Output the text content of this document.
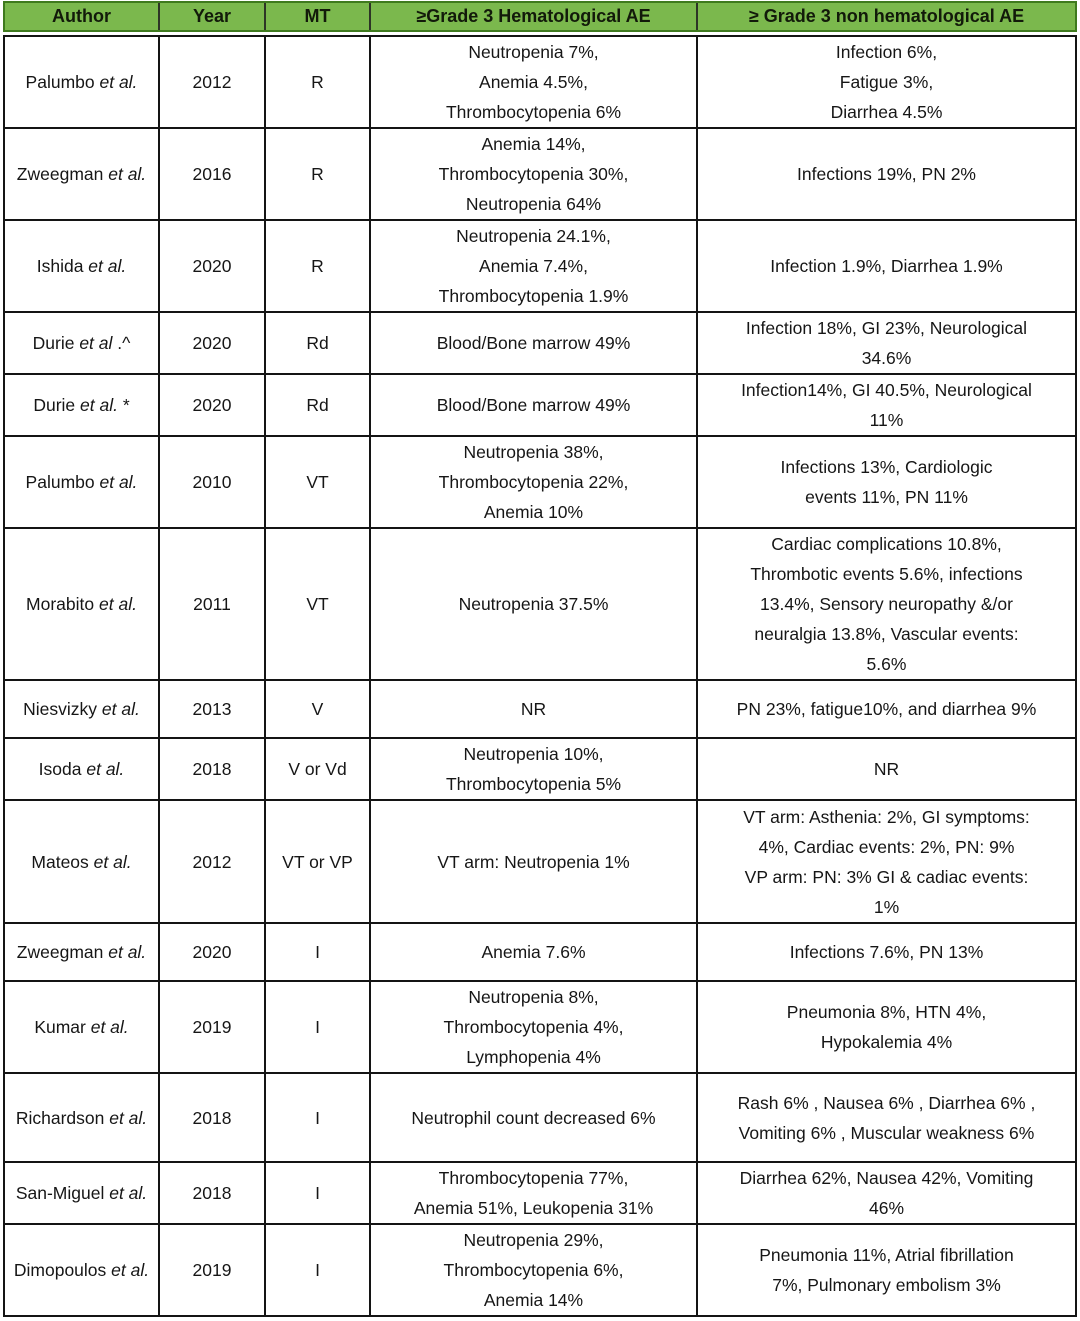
Author	Year	MT	≥Grade 3 Hematological AE	≥ Grade 3 non hematological AE
Palumbo et al.	2012	R	Neutropenia 7%,
Anemia 4.5%,
Thrombocytopenia 6%	Infection 6%,
Fatigue 3%,
Diarrhea 4.5%

Zweegman et al.	2016	R	Anemia 14%,
Thrombocytopenia 30%,
Neutropenia 64%	Infections 19%, PN 2%

Ishida et al.	2020	R	Neutropenia 24.1%,
Anemia 7.4%,
Thrombocytopenia 1.9%	Infection 1.9%, Diarrhea 1.9%

Durie et al .^	2020	Rd	Blood/Bone marrow 49%	Infection 18%, GI 23%, Neurological
34.6%

Durie et al. *	2020	Rd	Blood/Bone marrow 49%	Infection14%, GI 40.5%, Neurological
11%

Palumbo et al.	2010	VT	Neutropenia 38%,
Thrombocytopenia 22%,
Anemia 10%	Infections 13%, Cardiologic
events 11%, PN 11%

Morabito et al.	2011	VT	Neutropenia 37.5%	Cardiac complications 10.8%,
Thrombotic events 5.6%, infections
13.4%, Sensory neuropathy &/or
neuralgia 13.8%, Vascular events:
5.6%

Niesvizky et al.	2013	V	NR	PN 23%, fatigue10%, and diarrhea 9%

Isoda et al.	2018	V or Vd	Neutropenia 10%,
Thrombocytopenia 5%	NR

Mateos et al.	2012	VT or VP	VT arm: Neutropenia 1%	VT arm: Asthenia: 2%, GI symptoms:
4%, Cardiac events: 2%, PN: 9%
VP arm: PN: 3% GI & cadiac events:
1%

Zweegman et al.	2020	I	Anemia 7.6%	Infections 7.6%, PN 13%

Kumar et al.	2019	I	Neutropenia 8%,
Thrombocytopenia 4%,
Lymphopenia 4%	Pneumonia 8%, HTN 4%,
Hypokalemia 4%

Richardson et al.	2018	I	Neutrophil count decreased 6%	Rash 6% , Nausea 6% , Diarrhea 6% ,
Vomiting 6% , Muscular weakness 6%

San-Miguel et al.	2018	I	Thrombocytopenia 77%,
Anemia 51%, Leukopenia 31%	Diarrhea 62%, Nausea 42%, Vomiting
46%

Dimopoulos et al.	2019	I	Neutropenia 29%,
Thrombocytopenia 6%,
Anemia 14%	Pneumonia 11%, Atrial fibrillation
7%, Pulmonary embolism 3%
